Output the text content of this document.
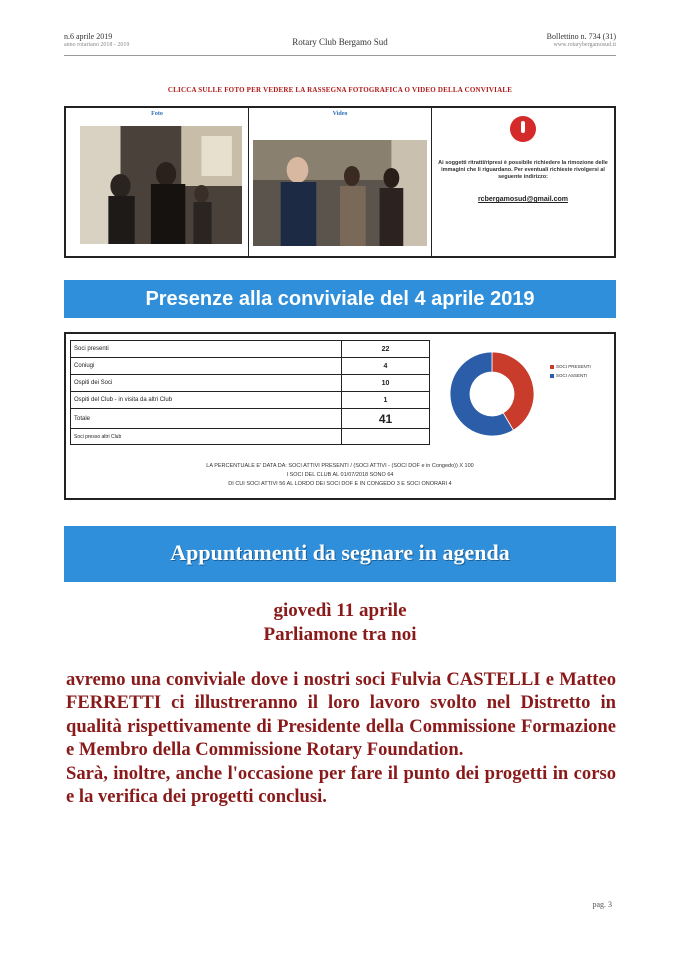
n.6 aprile 2019
anno rotariano 2018 - 2019	Rotary Club Bergamo Sud
Bollettino n. 734 (31)
www.rotarybergamosud.it
CLICCA SULLE FOTO PER VEDERE LA RASSEGNA FOTOGRAFICA O VIDEO DELLA CONVIVIALE
Foto	Video
Ai soggetti ritratti/ripresi è possibile richiedere la rimozione delle immagini che li riguardano. Per eventuali richieste rivolgersi al seguente indirizzo:
rcbergamosud@gmail.com
Presenze alla conviviale del 4 aprile 2019
Soci presenti	22
Coniugi	4
Ospiti dei Soci	10
Ospiti del Club - in visita da altri Club	1
Totale	41
Soci presso altri Club	
SOCI PRESENTI
SOCI ASSENTI
LA PERCENTUALE E' DATA DA: SOCI ATTIVI PRESENTI / (SOCI ATTIVI - (SOCI DOF e in Congedo)) X 100
I SOCI DEL CLUB AL 01/07/2018 SONO 64
DI CUI SOCI ATTIVI 56 AL LORDO DEI SOCI DOF E IN CONGEDO 3 E SOCI ONORARI 4
Appuntamenti da segnare in agenda
giovedì 11 aprile
Parliamone tra noi

avremo una conviviale dove i nostri soci Fulvia CASTELLI e Matteo FERRETTI ci illustreranno il loro lavoro svolto nel Distretto in qualità rispettivamente di Presidente della Commissione Formazione e Membro della Commissione Rotary Foundation.

Sarà, inoltre, anche l'occasione per fare il punto dei progetti in corso e la verifica dei progetti conclusi.

pag. 3
